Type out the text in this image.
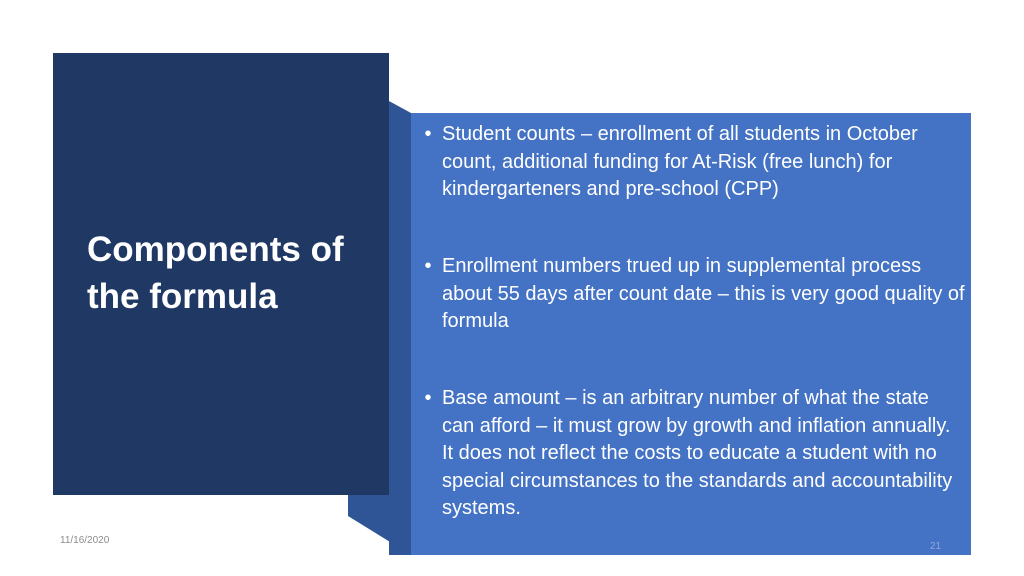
Components of the formula
• Student counts – enrollment of all students in October count, additional funding for At-Risk (free lunch) for kindergarteners and pre-school (CPP)
• Enrollment numbers trued up in supplemental process about 55 days after count date – this is very good quality of formula
• Base amount – is an arbitrary number of what the state can afford – it must grow by growth and inflation annually. It does not reflect the costs to educate a student with no special circumstances to the standards and accountability systems.
11/16/2020
21
